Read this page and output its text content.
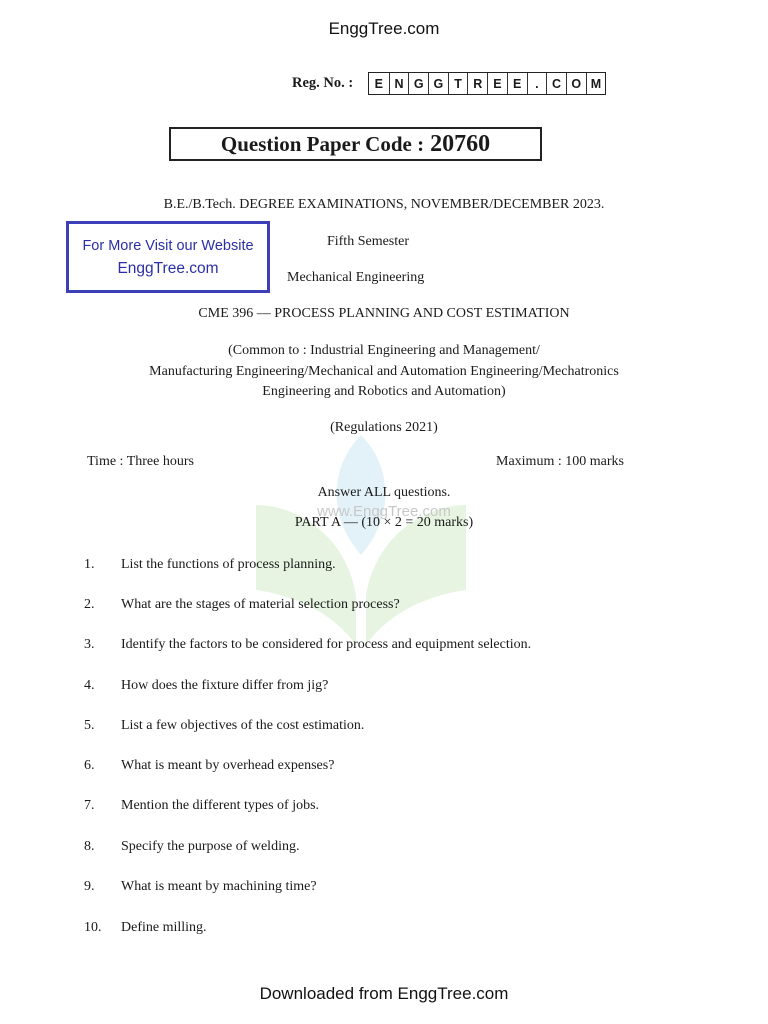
EnggTree.com
Reg. No. :	E N G G T R E E	.	C O M
Question Paper Code : 20760
B.E./B.Tech. DEGREE EXAMINATIONS, NOVEMBER/DECEMBER 2023.
Fifth Semester
For More Visit our Website
EnggTree.com
Mechanical Engineering
CME 396 — PROCESS PLANNING AND COST ESTIMATION
(Common to : Industrial Engineering and Management/
Manufacturing Engineering/Mechanical and Automation Engineering/Mechatronics
Engineering and Robotics and Automation)
(Regulations 2021)
Time : Three hours	Maximum : 100 marks
Answer ALL questions.
www.EnggTree.com
PART A — (10 × 2 = 20 marks)
1. List the functions of process planning.
2. What are the stages of material selection process?
3. Identify the factors to be considered for process and equipment selection.
4. How does the fixture differ from jig?
5. List a few objectives of the cost estimation.
6. What is meant by overhead expenses?
7. Mention the different types of jobs.
8. Specify the purpose of welding.
9. What is meant by machining time?
10. Define milling.
Downloaded from EnggTree.com
